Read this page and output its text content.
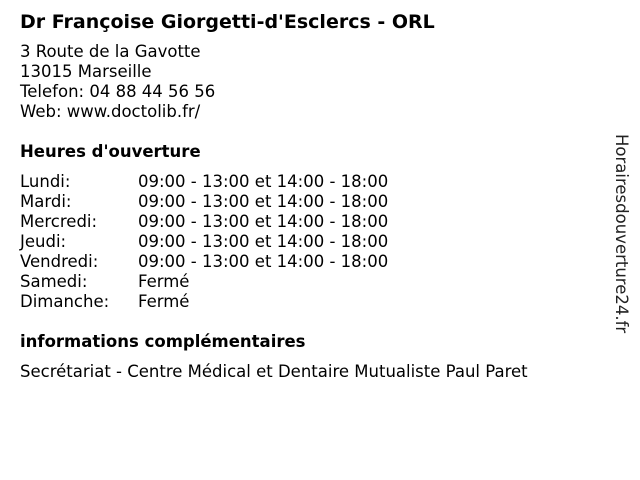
Dr Françoise Giorgetti-d'Esclercs - ORL
3 Route de la Gavotte
13015 Marseille
Telefon: 04 88 44 56 56
Web: www.doctolib.fr/
Heures d'ouverture
Lundi:	09:00 - 13:00 et 14:00 - 18:00
Mardi:	09:00 - 13:00 et 14:00 - 18:00
Mercredi:	09:00 - 13:00 et 14:00 - 18:00
Jeudi:	09:00 - 13:00 et 14:00 - 18:00
Vendredi:	09:00 - 13:00 et 14:00 - 18:00
Samedi:	Fermé
Dimanche:	Fermé
informations complémentaires
Secrétariat - Centre Médical et Dentaire Mutualiste Paul Paret
Horairesdouverture24.fr
